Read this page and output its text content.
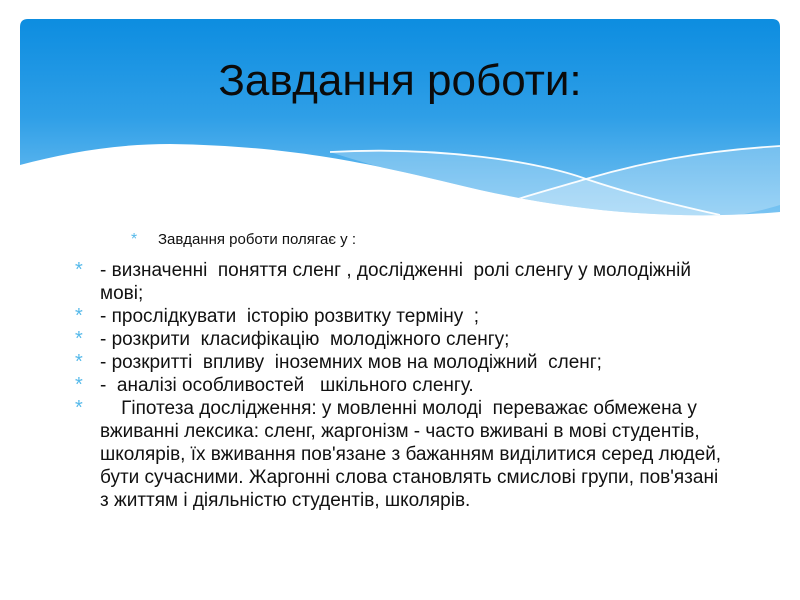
Завдання роботи:
*	Завдання роботи полягає у :
* - визначенні  поняття сленг , дослідженні  ролі сленгу у молодіжній мові;
* - прослідкувати  історію розвитку терміну  ;
* - розкрити  класифікацію  молодіжного сленгу;
* - розкритті  впливу  іноземних мов на молодіжний  сленг;
* -  аналізі особливостей   шкільного сленгу.
* Гіпотеза дослідження: у мовленні молоді  переважає обмежена у вживанні лексика: сленг, жаргонізм - часто вживані в мові студентів, школярів, їх вживання пов'язане з бажанням виділитися серед людей, бути сучасними. Жаргонні слова становлять смислові групи, пов'язані з життям і діяльністю студентів, школярів.
